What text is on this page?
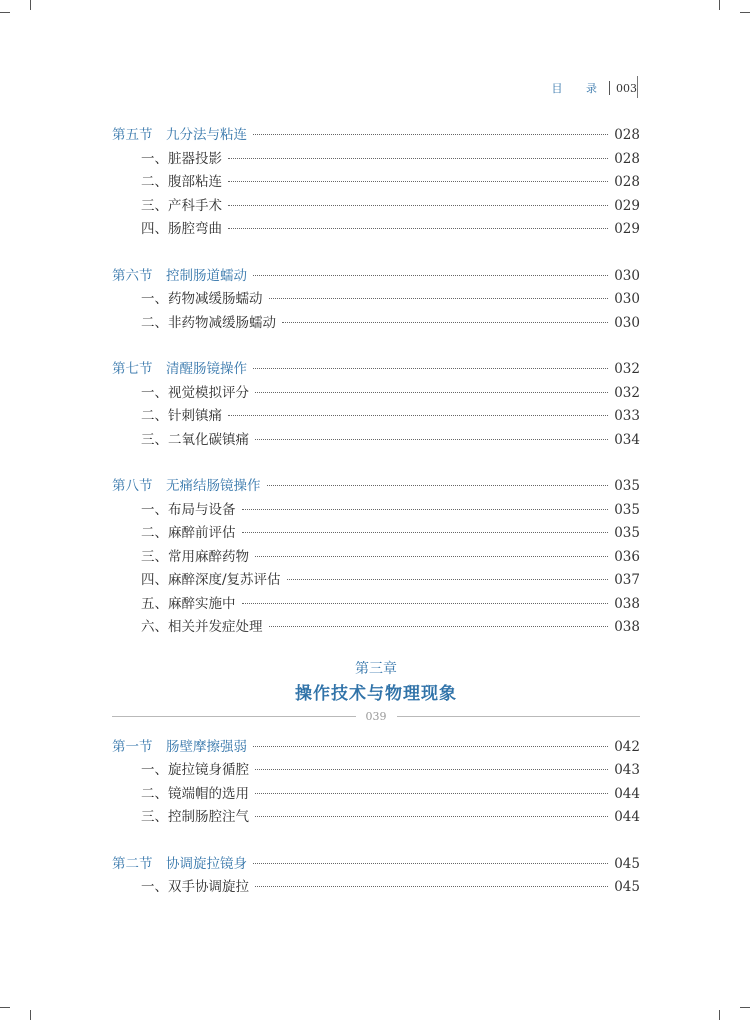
目 录 003
第五节　九分法与粘连	028
一、脏器投影	028
二、腹部粘连	028
三、产科手术	029
四、肠腔弯曲	029
第六节　控制肠道蠕动	030
一、药物减缓肠蠕动	030
二、非药物减缓肠蠕动	030
第七节　清醒肠镜操作	032
一、视觉模拟评分	032
二、针刺镇痛	033
三、二氧化碳镇痛	034
第八节　无痛结肠镜操作	035
一、布局与设备	035
二、麻醉前评估	035
三、常用麻醉药物	036
四、麻醉深度/复苏评估	037
五、麻醉实施中	038
六、相关并发症处理	038
第三章
操作技术与物理现象
039
第一节　肠壁摩擦强弱	042
一、旋拉镜身循腔	043
二、镜端帽的选用	044
三、控制肠腔注气	044
第二节　协调旋拉镜身	045
一、双手协调旋拉	045
